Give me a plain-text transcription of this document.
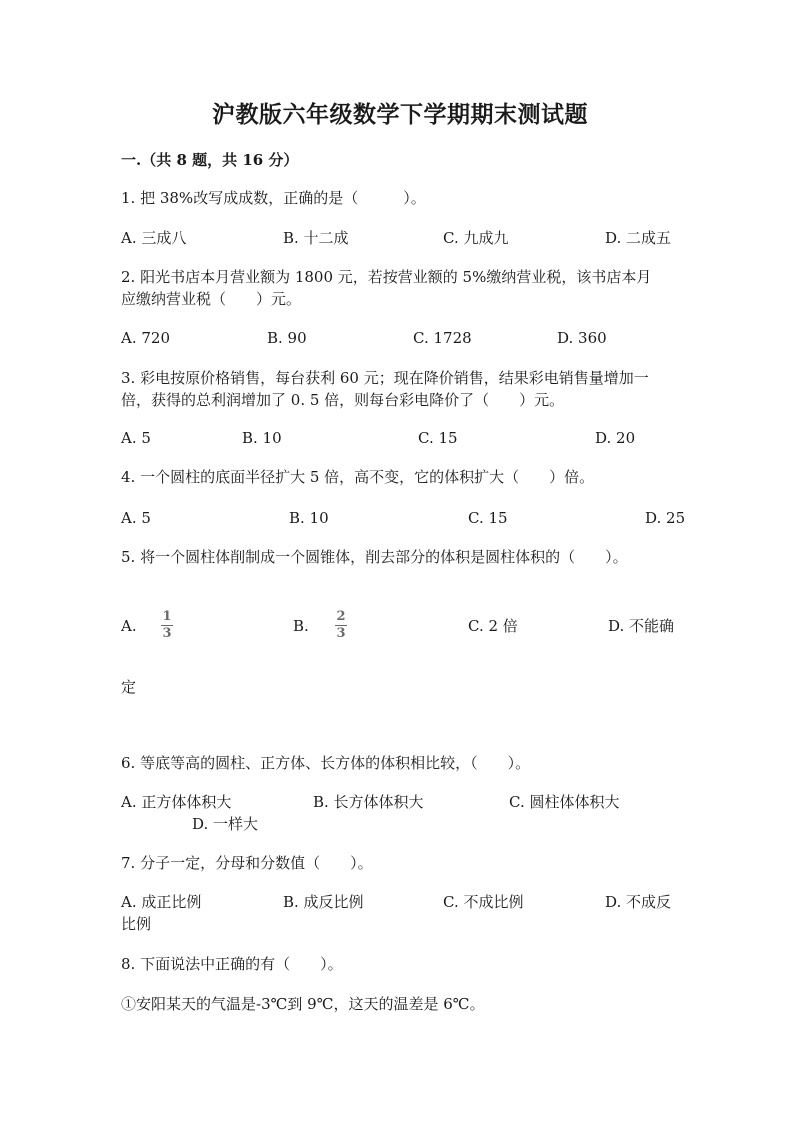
沪教版六年级数学下学期期末测试题
一.（共 8 题，共 16 分）
1. 把 38%改写成成数，正确的是（　　　）。
A. 三成八	B. 十二成	C. 九成九	D. 二成五
2. 阳光书店本月营业额为 1800 元，若按营业额的 5%缴纳营业税，该书店本月
应缴纳营业税（　　）元。
A. 720	B. 90	C. 1728	D. 360
3. 彩电按原价格销售，每台获利 60 元；现在降价销售，结果彩电销售量增加一
倍，获得的总利润增加了 0. 5 倍，则每台彩电降价了（　　）元。
A. 5	B. 10	C. 15	D. 20
4. 一个圆柱的底面半径扩大 5 倍，高不变，它的体积扩大（　　）倍。
A. 5	B. 10	C. 15	D. 25
5. 将一个圆柱体削制成一个圆锥体，削去部分的体积是圆柱体积的（　　）。
A.
1
3	B.
2
3	C. 2 倍	D. 不能确
定
6. 等底等高的圆柱、正方体、长方体的体积相比较，（　　）。
A. 正方体体积大	B. 长方体体积大	C. 圆柱体体积大
D. 一样大
7. 分子一定，分母和分数值（　　）。
A. 成正比例	B. 成反比例	C. 不成比例	D. 不成反
比例
8. 下面说法中正确的有（　　）。
①安阳某天的气温是-3℃到 9℃，这天的温差是 6℃。
